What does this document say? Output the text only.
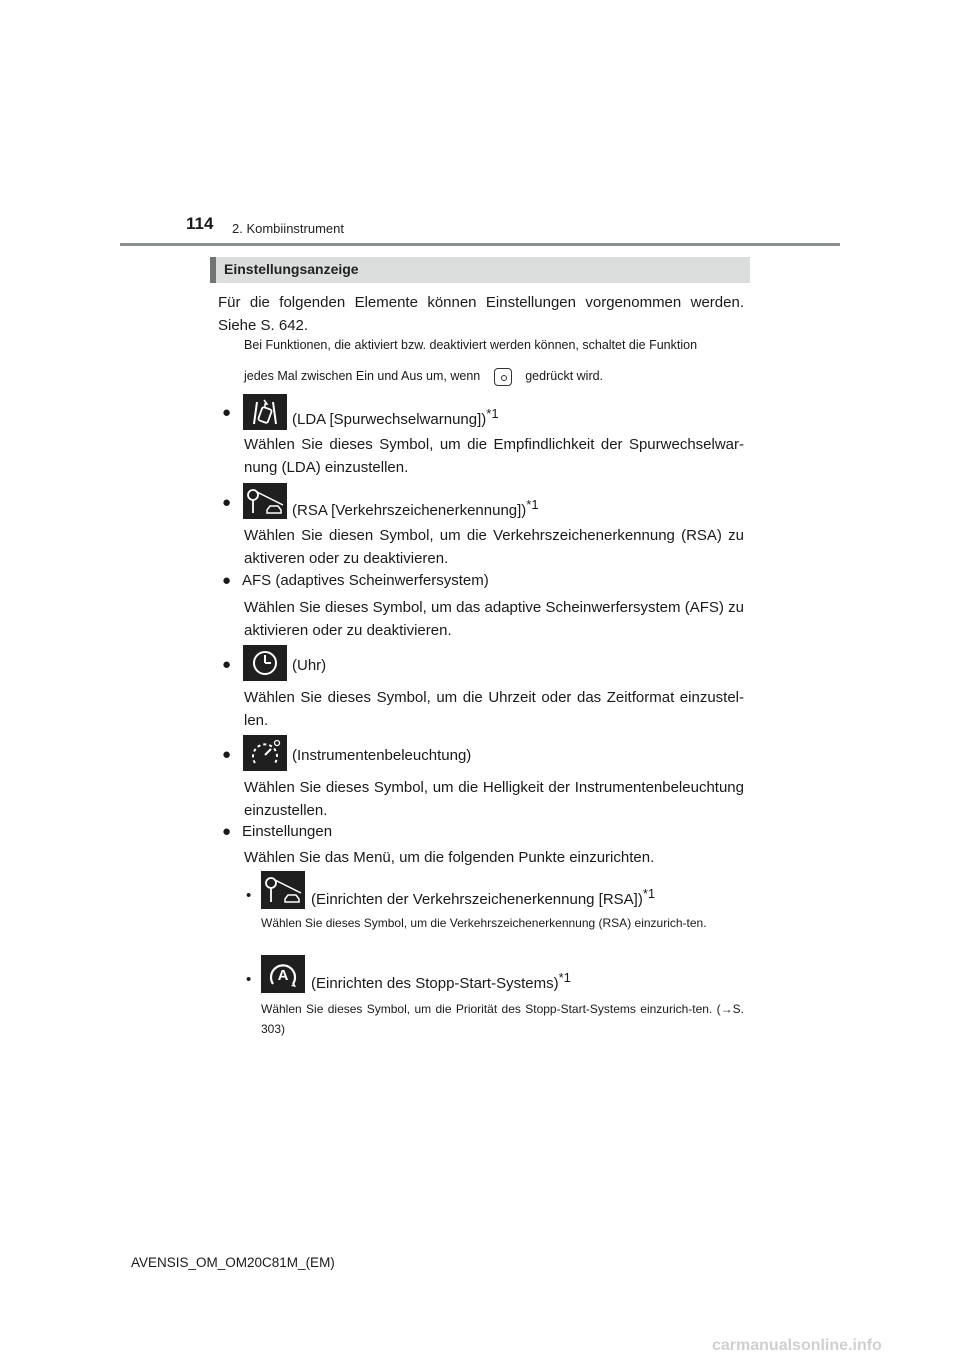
114 2. Kombiinstrument
Einstellungsanzeige
Für die folgenden Elemente können Einstellungen vorgenommen werden. Siehe S. 642.
Bei Funktionen, die aktiviert bzw. deaktiviert werden können, schaltet die Funktion
jedes Mal zwischen Ein und Aus um, wenn	gedrückt wird.
●	(LDA [Spurwechselwarnung])$^{*1}$
Wählen Sie dieses Symbol, um die Empfindlichkeit der Spurwechselwar-nung (LDA) einzustellen.
●	(RSA [Verkehrszeichenerkennung])$^{*1}$
Wählen Sie diesen Symbol, um die Verkehrszeichenerkennung (RSA) zu aktiveren oder zu deaktivieren.
● AFS (adaptives Scheinwerfersystem)
Wählen Sie dieses Symbol, um das adaptive Scheinwerfersystem (AFS) zu aktivieren oder zu deaktivieren.
●	(Uhr)
Wählen Sie dieses Symbol, um die Uhrzeit oder das Zeitformat einzustel-len.
●	(Instrumentenbeleuchtung)
Wählen Sie dieses Symbol, um die Helligkeit der Instrumentenbeleuchtung einzustellen.
● Einstellungen
Wählen Sie das Menü, um die folgenden Punkte einzurichten.
•	(Einrichten der Verkehrszeichenerkennung [RSA])$^{*1}$
Wählen Sie dieses Symbol, um die Verkehrszeichenerkennung (RSA) einzurich-ten.
• A (Einrichten des Stopp-Start-Systems)$^{*1}$
Wählen Sie dieses Symbol, um die Priorität des Stopp-Start-Systems einzurich-ten. (→S. 303)
AVENSIS_OM_OM20C81M_(EM)
carmanualsonline.info
